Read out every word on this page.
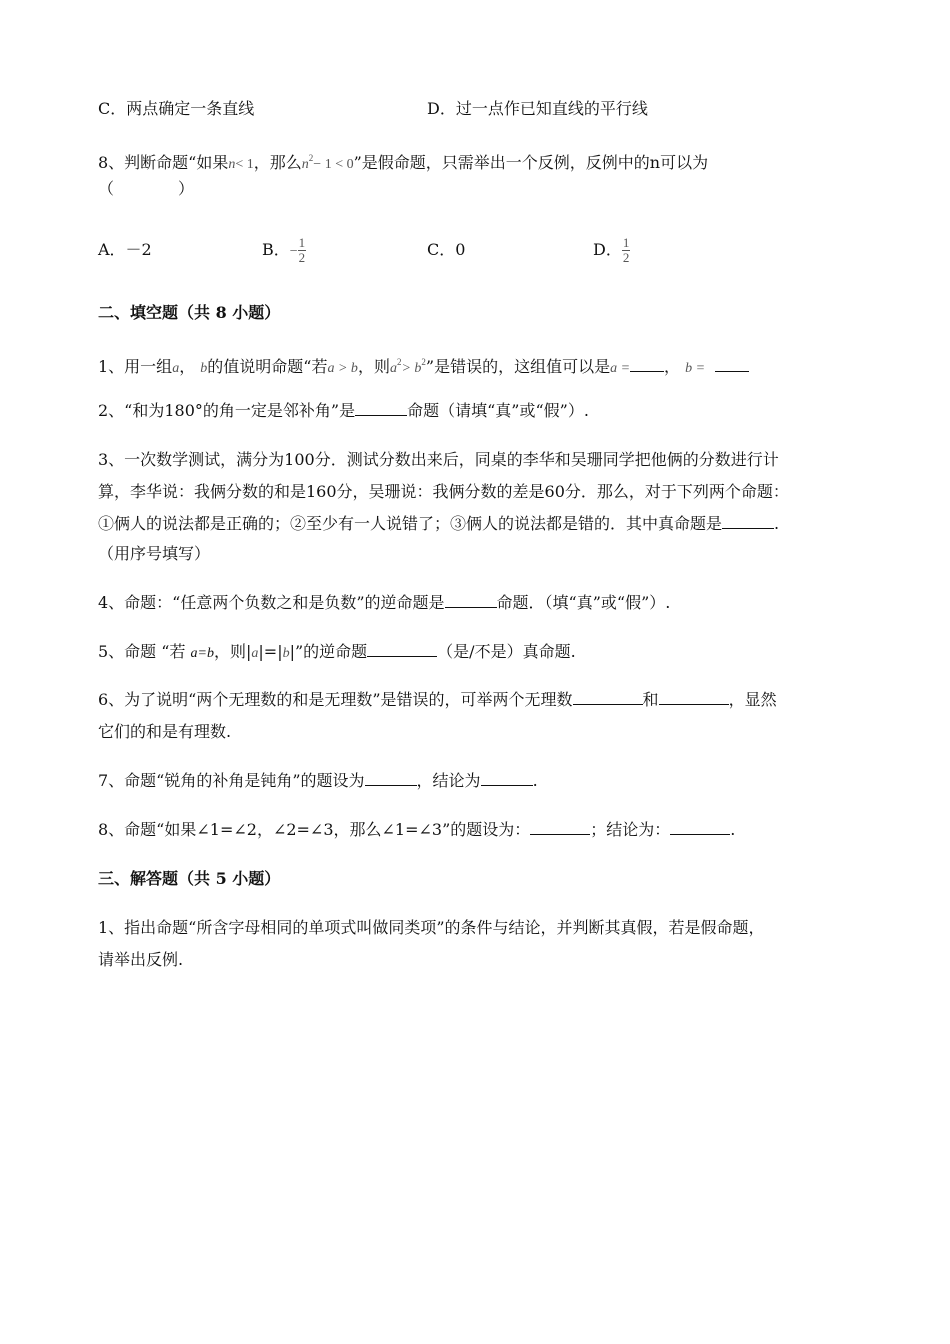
C．两点确定一条直线	D．过一点作已知直线的平行线
8、判断命题“如果n< 1，那么$n^2- 1 < 0$”是假命题，只需举出一个反例，反例中的n可以为
（　　　　）
A．－2	B．− $\frac{1}{2}$	C．0	D． $\frac{1}{2}$
二、填空题（共 8 小题）
1、用一组a， b的值说明命题“若a > b，则$a^2> b^2$”是错误的，这组值可以是a = ， b =
2、“和为180°的角一定是邻补角”是	命题（请填“真”或“假”）.
3、一次数学测试，满分为100分．测试分数出来后，同桌的李华和吴珊同学把他俩的分数进行计
算，李华说：我俩分数的和是160分，吴珊说：我俩分数的差是60分．那么，对于下列两个命题：
①俩人的说法都是正确的；②至少有一人说错了；③俩人的说法都是错的．其中真命题是	.
（用序号填写）
4、命题：“任意两个负数之和是负数”的逆命题是	命题．（填“真”或“假”）.
5、命题 “若 a=b，则|a|=|b|”的逆命题	（是/不是）真命题.
6、为了说明“两个无理数的和是无理数”是错误的，可举两个无理数	和	，显然
它们的和是有理数.
7、命题“锐角的补角是钝角”的题设为	，结论为	.
8、命题“如果∠1=∠2，∠2=∠3，那么∠1=∠3”的题设为：	；结论为：	.
三、解答题（共 5 小题）
1、指出命题“所含字母相同的单项式叫做同类项”的条件与结论，并判断其真假，若是假命题，
请举出反例.
